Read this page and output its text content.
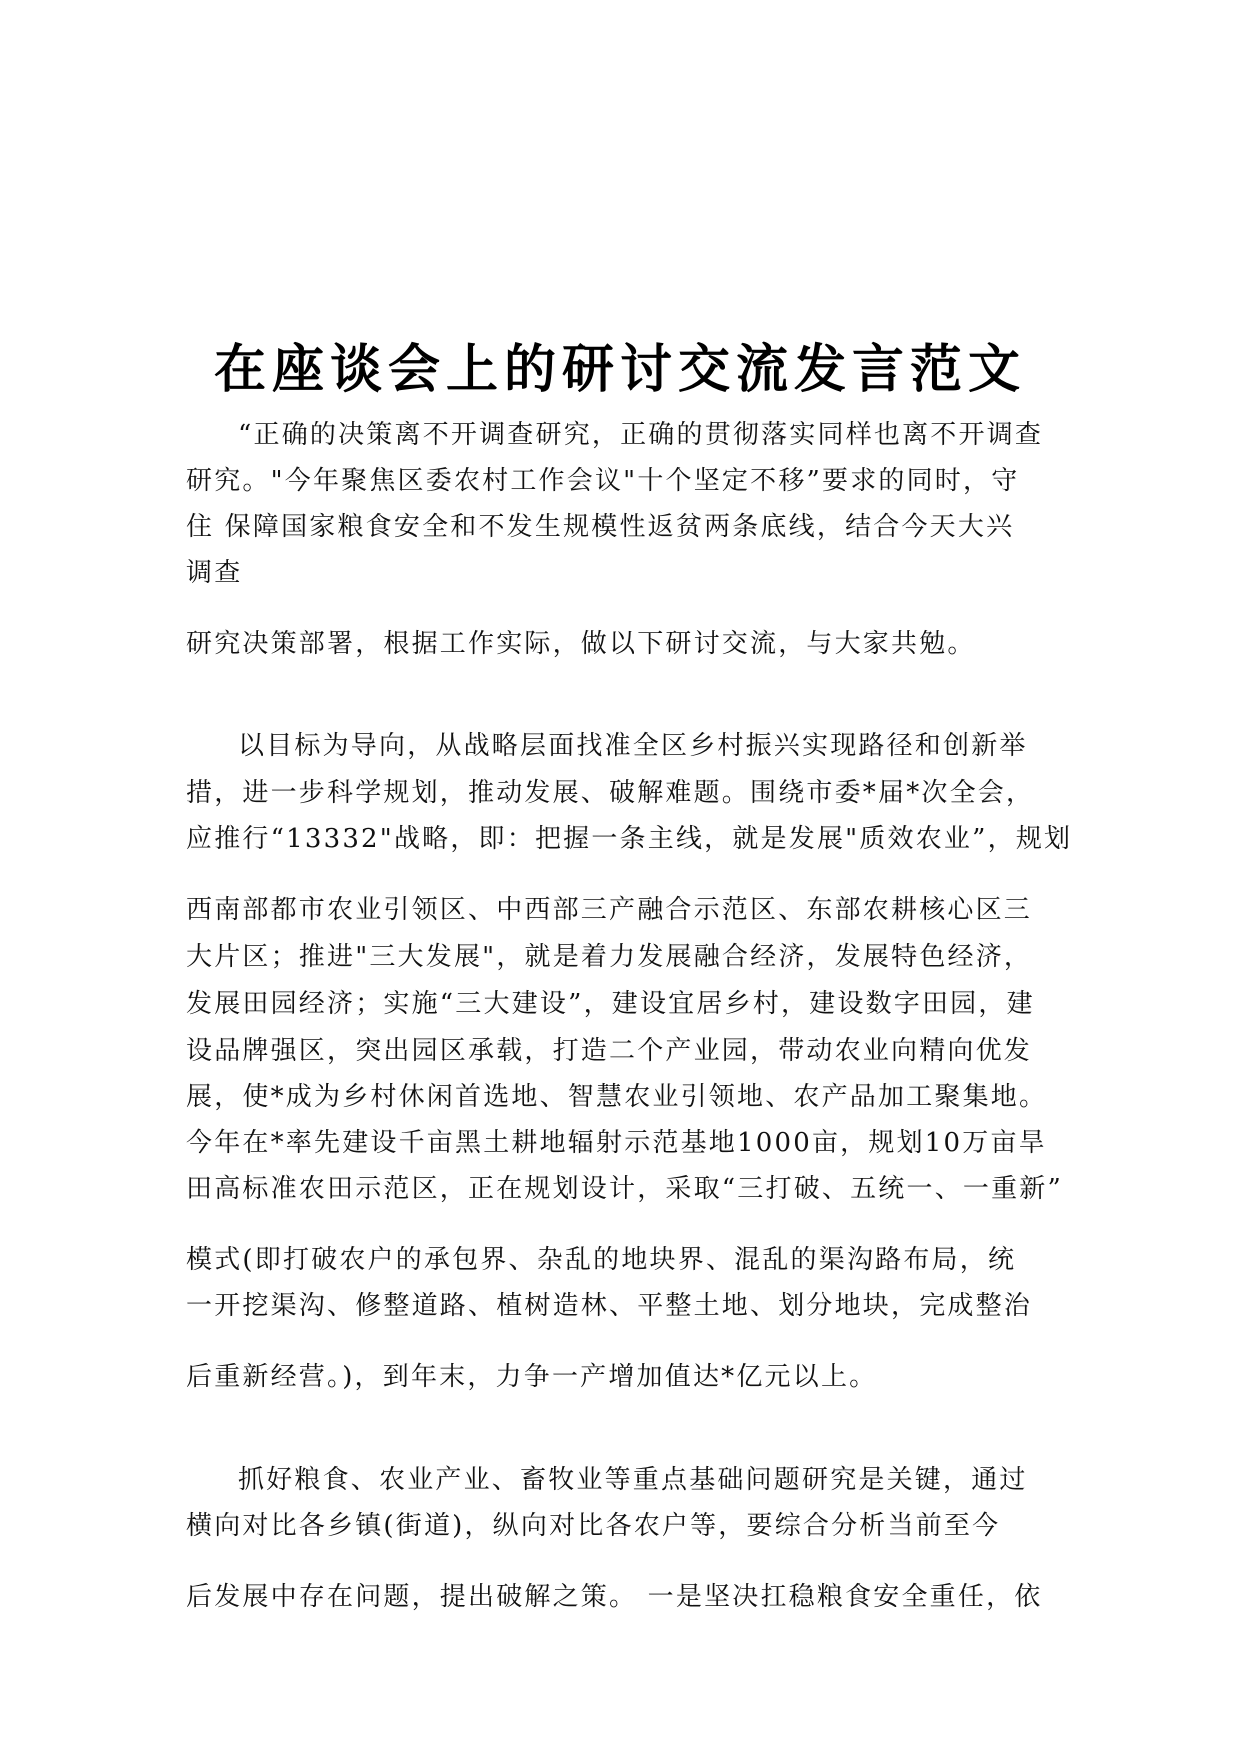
在座谈会上的研讨交流发言范文
“正确的决策离不开调查研究，正确的贯彻落实同样也离不开调查
研究。"今年聚焦区委农村工作会议"十个坚定不移”要求的同时，守
住 保障国家粮食安全和不发生规模性返贫两条底线，结合今天大兴
调查
研究决策部署，根据工作实际，做以下研讨交流，与大家共勉。
以目标为导向，从战略层面找准全区乡村振兴实现路径和创新举
措，进一步科学规划，推动发展、破解难题。围绕市委*届*次全会，
应推行“13332"战略，即：把握一条主线，就是发展"质效农业”，规划
西南部都市农业引领区、中西部三产融合示范区、东部农耕核心区三
大片区；推进"三大发展"，就是着力发展融合经济，发展特色经济，
发展田园经济；实施“三大建设”，建设宜居乡村，建设数字田园，建
设品牌强区，突出园区承载，打造二个产业园，带动农业向精向优发
展，使*成为乡村休闲首选地、智慧农业引领地、农产品加工聚集地。
今年在*率先建设千亩黑土耕地辐射示范基地1000亩，规划10万亩旱
田高标准农田示范区，正在规划设计，采取“三打破、五统一、一重新”
模式(即打破农户的承包界、杂乱的地块界、混乱的渠沟路布局，统
一开挖渠沟、修整道路、植树造林、平整土地、划分地块，完成整治
后重新经营。)，到年末，力争一产增加值达*亿元以上。
抓好粮食、农业产业、畜牧业等重点基础问题研究是关键，通过
横向对比各乡镇(街道)，纵向对比各农户等，要综合分析当前至今
后发展中存在问题，提出破解之策。 一是坚决扛稳粮食安全重任，依
